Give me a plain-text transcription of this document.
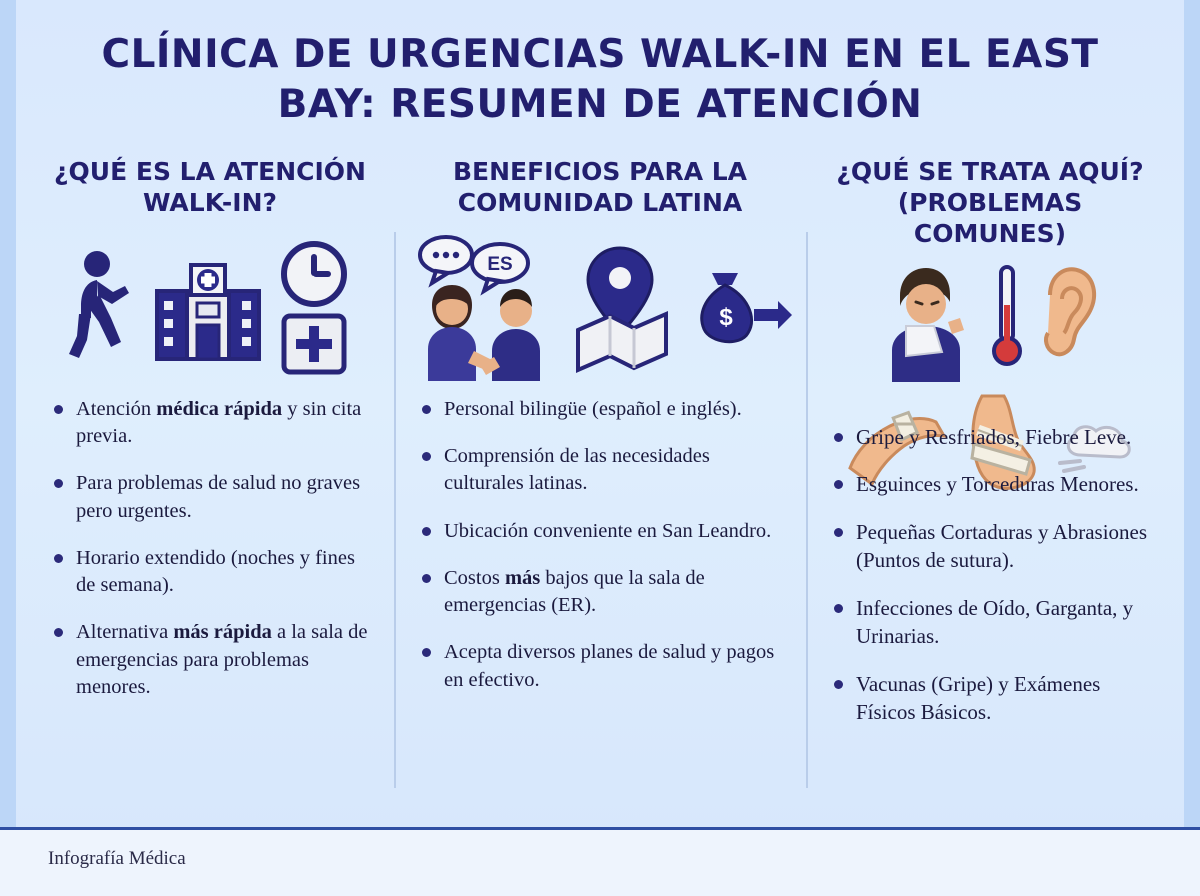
CLÍNICA DE URGENCIAS WALK-IN EN EL EAST BAY: RESUMEN DE ATENCIÓN
¿QUÉ ES LA ATENCIÓN WALK-IN?
Atención médica rápida y sin cita previa.
Para problemas de salud no graves pero urgentes.
Horario extendido (noches y fines de semana).
Alternativa más rápida a la sala de emergencias para problemas menores.
BENEFICIOS PARA LA COMUNIDAD LATINA
ES
$
Personal bilingüe (español e inglés).
Comprensión de las necesidades culturales latinas.
Ubicación conveniente en San Leandro.
Costos más bajos que la sala de emergencias (ER).
Acepta diversos planes de salud y pagos en efectivo.
¿QUÉ SE TRATA AQUÍ? (PROBLEMAS COMUNES)
Gripe y Resfriados, Fiebre Leve.
Esguinces y Torceduras Menores.
Pequeñas Cortaduras y Abrasiones (Puntos de sutura).
Infecciones de Oído, Garganta, y Urinarias.
Vacunas (Gripe) y Exámenes Físicos Básicos.
Infografía Médica
